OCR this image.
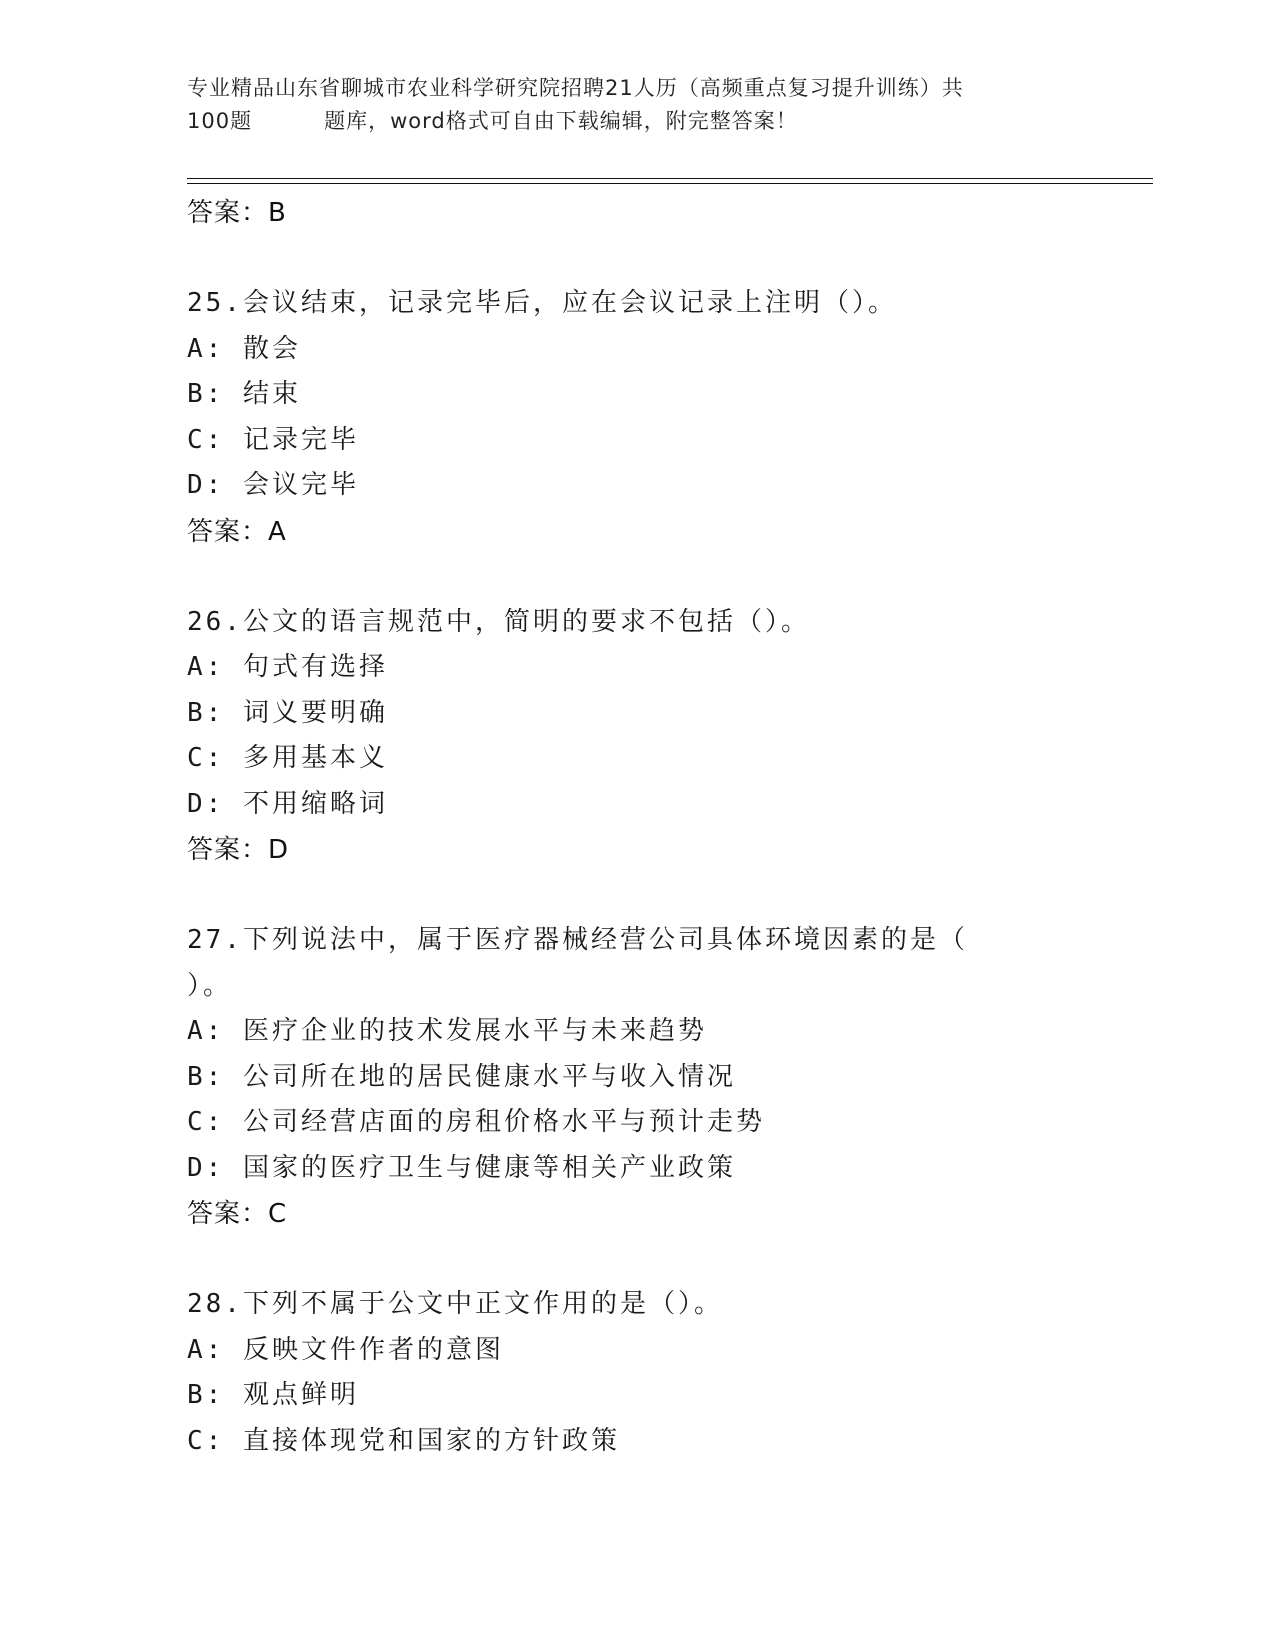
专业精品山东省聊城市农业科学研究院招聘21人历（高频重点复习提升训练）共
100题	题库，word格式可自由下载编辑，附完整答案！
答案：B
25.会议结束，记录完毕后，应在会议记录上注明（）。
A: 散会
B: 结束
C: 记录完毕
D: 会议完毕
答案：A
26.公文的语言规范中，简明的要求不包括（）。
A: 句式有选择
B: 词义要明确
C: 多用基本义
D: 不用缩略词
答案：D
27.下列说法中，属于医疗器械经营公司具体环境因素的是（
）。
A: 医疗企业的技术发展水平与未来趋势
B: 公司所在地的居民健康水平与收入情况
C: 公司经营店面的房租价格水平与预计走势
D: 国家的医疗卫生与健康等相关产业政策
答案：C
28.下列不属于公文中正文作用的是（）。
A: 反映文件作者的意图
B: 观点鲜明
C: 直接体现党和国家的方针政策
